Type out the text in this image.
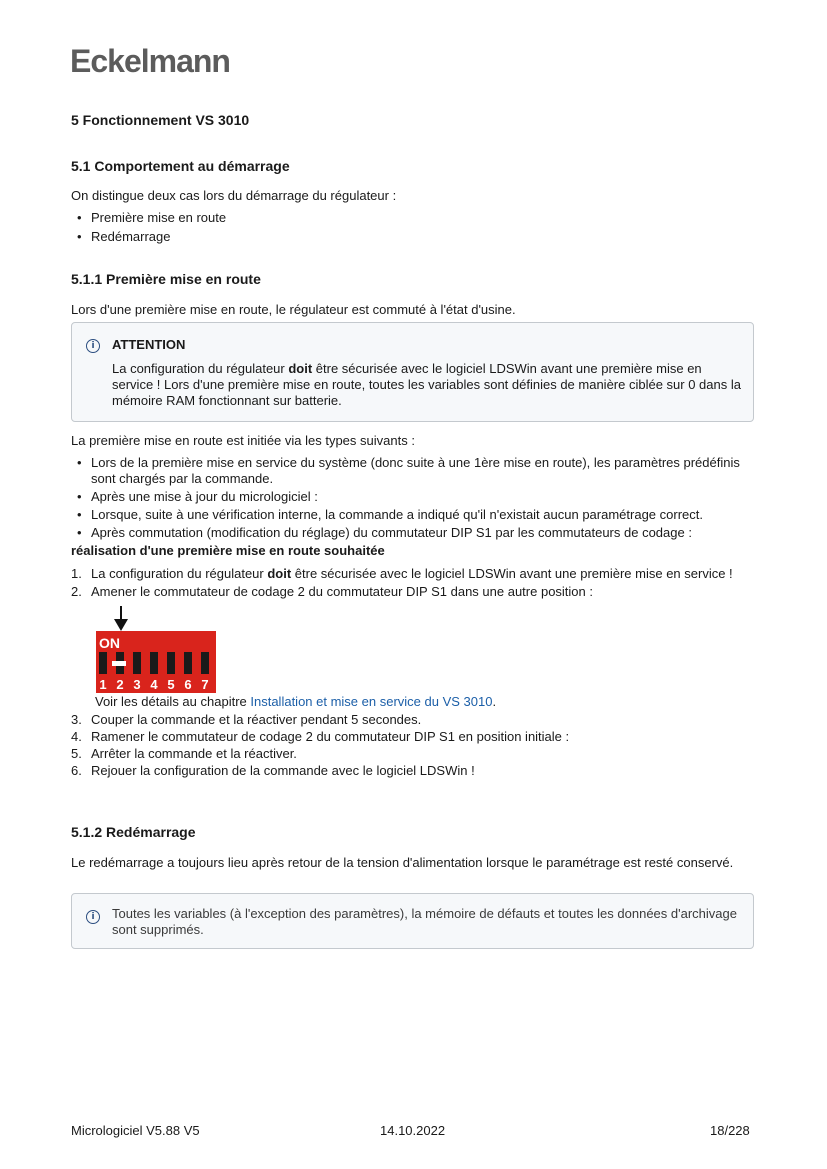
Eckelmann
5 Fonctionnement VS 3010
5.1 Comportement au démarrage

On distingue deux cas lors du démarrage du régulateur :

• Première mise en route
• Redémarrage
5.1.1 Première mise en route

Lors d'une première mise en route, le régulateur est commuté à l'état d'usine.

i	ATTENTION
La configuration du régulateur doit être sécurisée avec le logiciel LDSWin avant une première mise en service ! Lors d'une première mise en route, toutes les variables sont définies de manière ciblée sur 0 dans la mémoire RAM fonctionnant sur batterie.

La première mise en route est initiée via les types suivants :

• Lors de la première mise en service du système (donc suite à une 1ère mise en route), les paramètres prédéfinis sont chargés par la commande.
• Après une mise à jour du micrologiciel :
• Lorsque, suite à une vérification interne, la commande a indiqué qu'il n'existait aucun paramétrage correct.
• Après commutation (modification du réglage) du commutateur DIP S1 par les commutateurs de codage :

réalisation d'une première mise en route souhaitée

1. La configuration du régulateur doit être sécurisée avec le logiciel LDSWin avant une première mise en service !
2. Amener le commutateur de codage 2 du commutateur DIP S1 dans une autre position :
ON
1 2 3 4 5 6 7
Voir les détails au chapitre Installation et mise en service du VS 3010.
3. Couper la commande et la réactiver pendant 5 secondes.
4. Ramener le commutateur de codage 2 du commutateur DIP S1 en position initiale :
5. Arrêter la commande et la réactiver.
6. Rejouer la configuration de la commande avec le logiciel LDSWin !
5.1.2 Redémarrage

Le redémarrage a toujours lieu après retour de la tension d'alimentation lorsque le paramétrage est resté conservé.

i	Toutes les variables (à l'exception des paramètres), la mémoire de défauts et toutes les données d'archivage sont supprimés.
Micrologiciel V5.88 V5	14.10.2022	18/228
